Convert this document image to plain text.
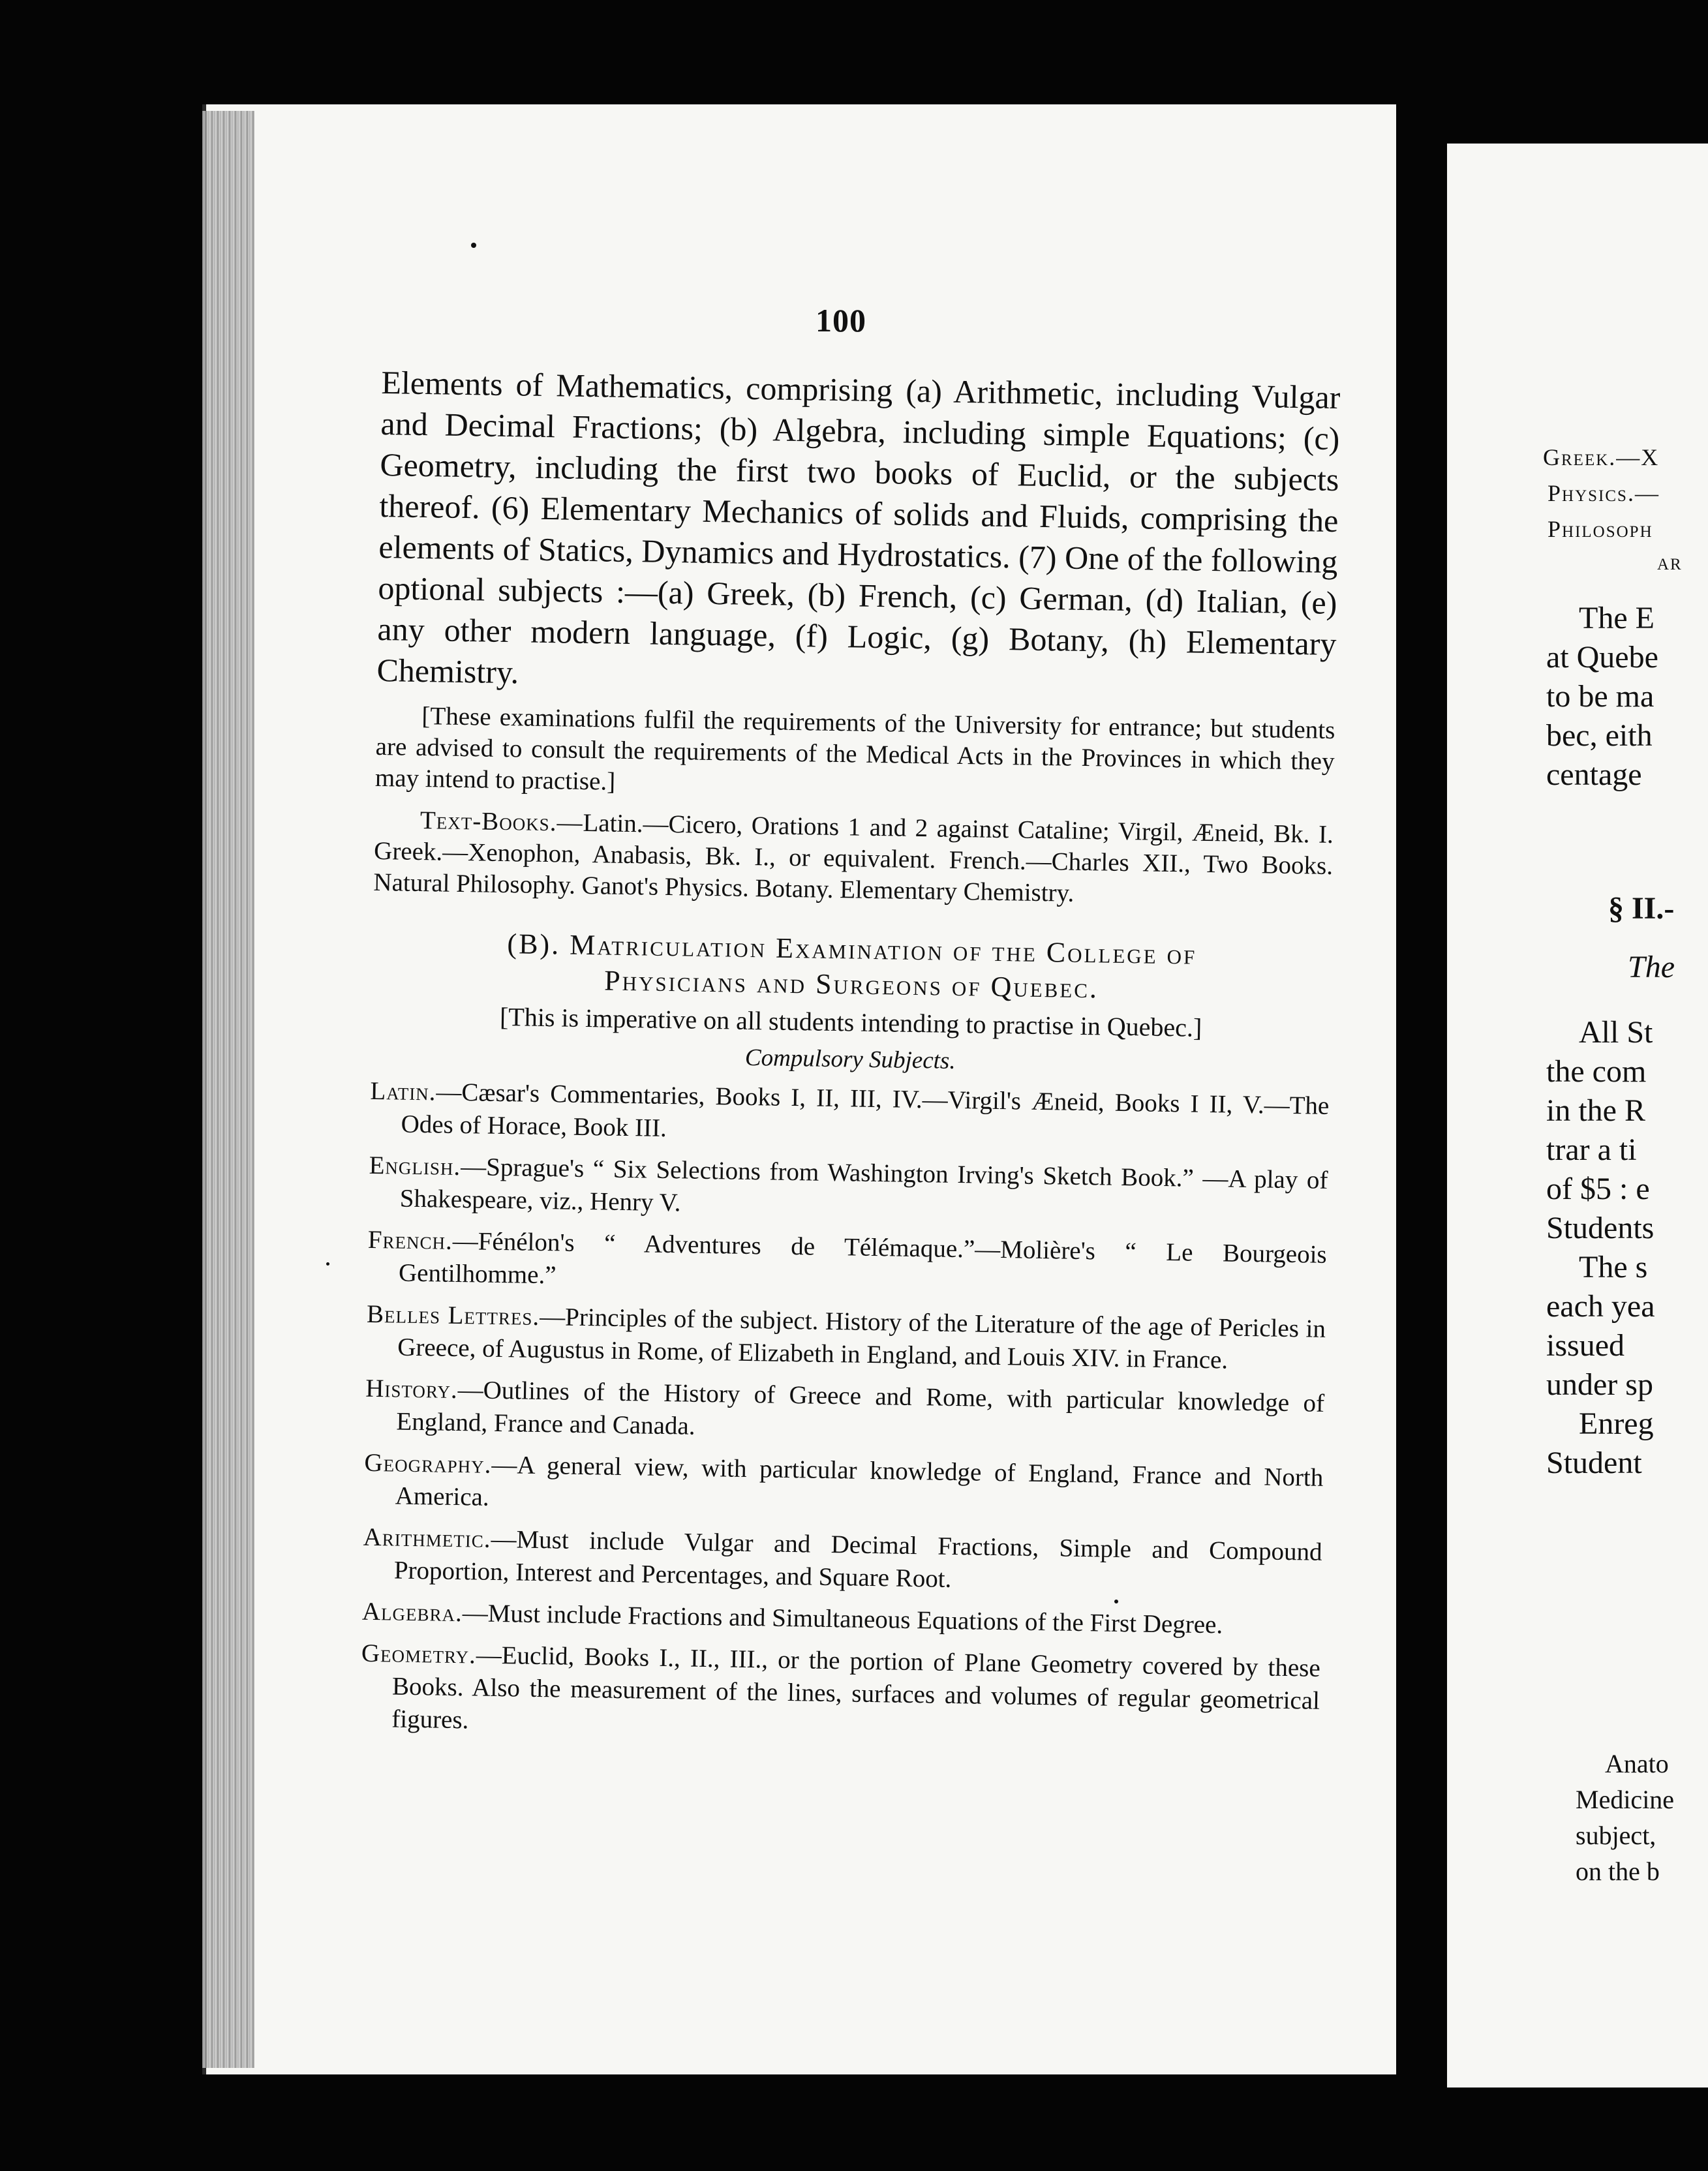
100

Elements of Mathematics, comprising (a) Arithmetic, including Vulgar and Decimal Fractions; (b) Algebra, including simple Equations; (c) Geometry, including the first two books of Euclid, or the subjects thereof. (6) Elementary Mechanics of solids and Fluids, comprising the elements of Statics, Dynamics and Hydrostatics. (7) One of the following optional subjects :—(a) Greek, (b) French, (c) German, (d) Italian, (e) any other modern language, (f) Logic, (g) Botany, (h) Elementary Chemistry.

[These examinations fulfil the requirements of the University for entrance; but students are advised to consult the requirements of the Medical Acts in the Provinces in which they may intend to practise.]

Text-Books.—Latin.—Cicero, Orations 1 and 2 against Cataline; Virgil, Æneid, Bk. I. Greek.—Xenophon, Anabasis, Bk. I., or equivalent. French.—Charles XII., Two Books. Natural Philosophy. Ganot's Physics. Botany. Elementary Chemistry.

(B). Matriculation Examination of the College of
Physicians and Surgeons of Quebec.
[This is imperative on all students intending to practise in Quebec.]
Compulsory Subjects.

Latin.—Cæsar's Commentaries, Books I, II, III, IV.—Virgil's Æneid, Books I II, V.—The Odes of Horace, Book III.

English.—Sprague's “ Six Selections from Washington Irving's Sketch Book.” —A play of Shakespeare, viz., Henry V.

French.—Fénélon's “ Adventures de Télémaque.”—Molière's “ Le Bourgeois Gentilhomme.”

Belles Lettres.—Principles of the subject. History of the Literature of the age of Pericles in Greece, of Augustus in Rome, of Elizabeth in England, and Louis XIV. in France.

History.—Outlines of the History of Greece and Rome, with particular knowledge of England, France and Canada.

Geography.—A general view, with particular knowledge of England, France and North America.

Arithmetic.—Must include Vulgar and Decimal Fractions, Simple and Compound Proportion, Interest and Percentages, and Square Root.

Algebra.—Must include Fractions and Simultaneous Equations of the First Degree.

Geometry.—Euclid, Books I., II., III., or the portion of Plane Geometry covered by these Books. Also the measurement of the lines, surfaces and volumes of regular geometrical figures.

Greek.—X
Physics.—
Philosoph
ar
The E
at Quebe
to be ma
bec, eith
centage
§ II.-
The
All St
the com
in the R
trar a ti
of $5 : e
Students
The s
each yea
issued
under sp
Enreg
Student
Anato
Medicine
subject,
on the b
